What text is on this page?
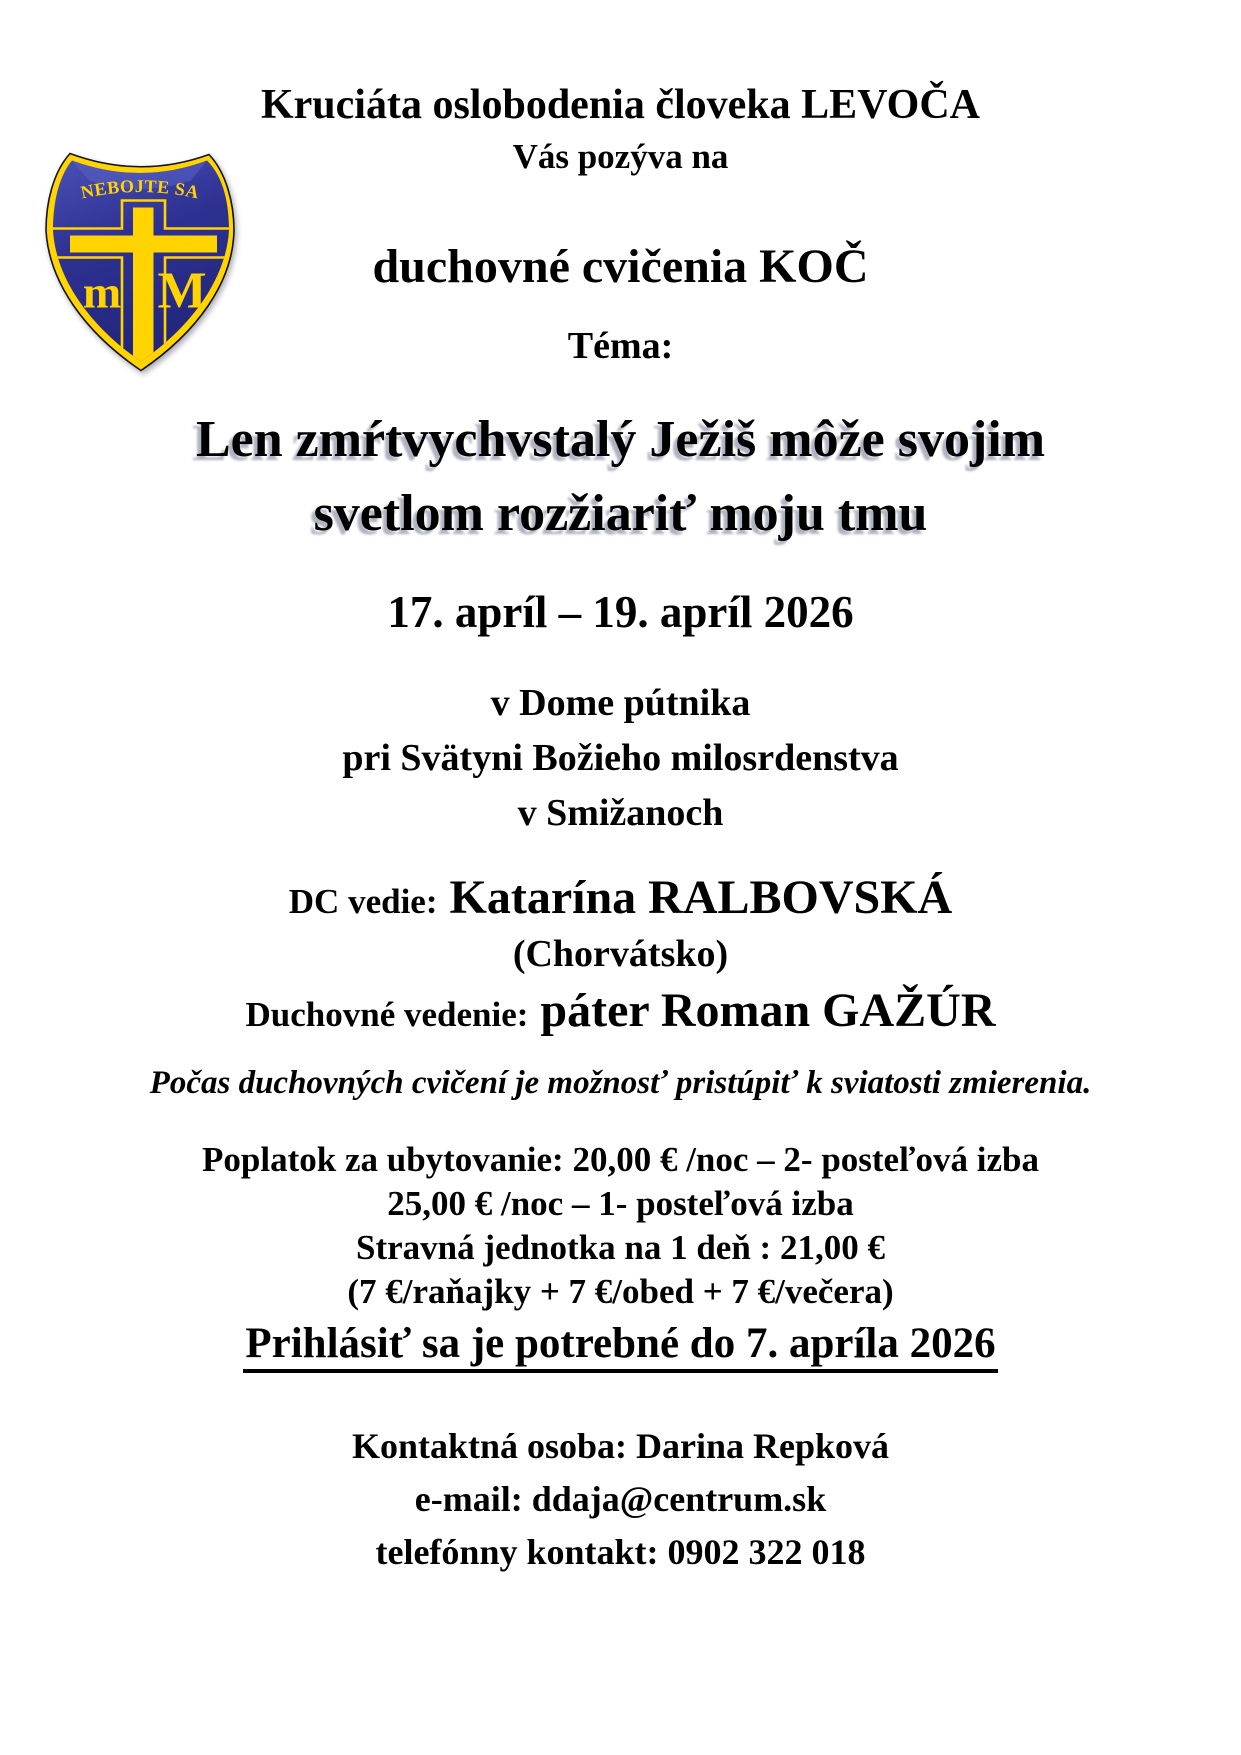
NEBOJTE SA
m M
Kruciáta oslobodenia človeka LEVOČA
Vás pozýva na
duchovné cvičenia KOČ
Téma:
Len zmŕtvychvstalý Ježiš môže svojim
svetlom rozžiariť moju tmu
17. apríl – 19. apríl 2026
v Dome pútnika
pri Svätyni Božieho milosrdenstva
v Smižanoch
DC vedie: Katarína RALBOVSKÁ
(Chorvátsko)
Duchovné vedenie: páter Roman GAŽÚR
Počas duchovných cvičení je možnosť pristúpiť k sviatosti zmierenia.
Poplatok za ubytovanie: 20,00 € /noc – 2- posteľová izba
25,00 € /noc – 1- posteľová izba
Stravná jednotka na 1 deň : 21,00 €
(7 €/raňajky + 7 €/obed + 7 €/večera)
Prihlásiť sa je potrebné do 7. apríla 2026
Kontaktná osoba: Darina Repková
e-mail: ddaja@centrum.sk
telefónny kontakt: 0902 322 018
